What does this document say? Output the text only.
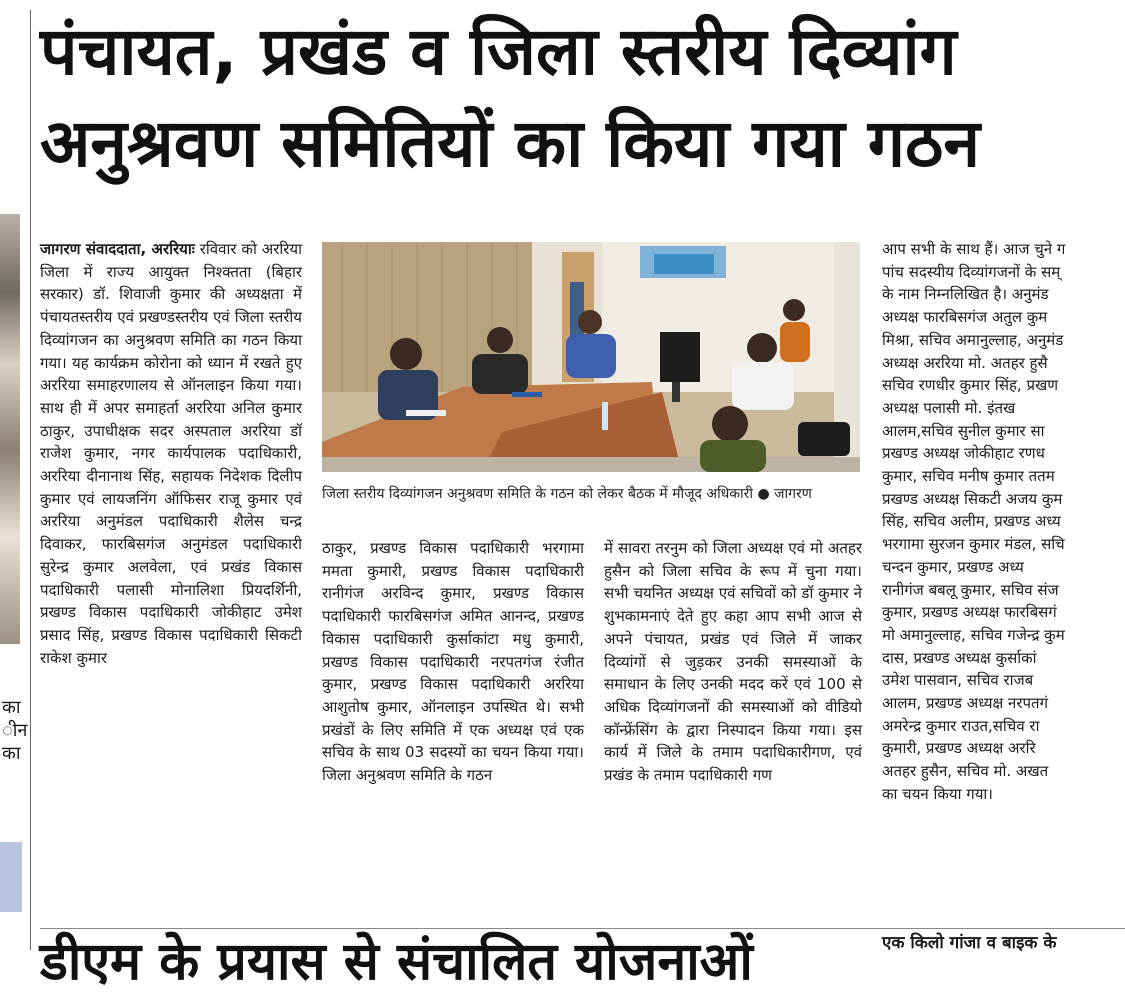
का
ीन
का
पंचायत, प्रखंड व जिला स्तरीय दिव्यांग
अनुश्रवण समितियों का किया गया गठन

जागरण संवाददाता, अररियाः रविवार को अररिया जिला में राज्य आयुक्त निश्क्तता (बिहार सरकार) डॉ. शिवाजी कुमार की अध्यक्षता में पंचायतस्तरीय एवं प्रखण्डस्तरीय एवं जिला स्तरीय दिव्यांगजन का अनुश्रवण समिति का गठन किया गया। यह कार्यक्रम कोरोना को ध्यान में रखते हुए अररिया समाहरणालय से ऑनलाइन किया गया। साथ ही में अपर समाहर्ता अररिया अनिल कुमार ठाकुर, उपाधीक्षक सदर अस्पताल अररिया डॉ राजेश कुमार, नगर कार्यपालक पदाधिकारी, अररिया दीनानाथ सिंह, सहायक निदेशक दिलीप कुमार एवं लायजनिंग ऑफिसर राजू कुमार एवं अररिया अनुमंडल पदाधिकारी शैलेस चन्द्र दिवाकर, फारबिसगंज अनुमंडल पदाधिकारी सुरेन्द्र कुमार अलवेला, एवं प्रखंड विकास पदाधिकारी पलासी मोनालिशा प्रियदर्शिनी, प्रखण्ड विकास पदाधिकारी जोकीहाट उमेश प्रसाद सिंह, प्रखण्ड विकास पदाधिकारी सिकटी राकेश कुमार

जिला स्तरीय दिव्यांगजन अनुश्रवण समिति के गठन को लेकर बैठक में मौजूद अधिकारी ● जागरण

ठाकुर, प्रखण्ड विकास पदाधिकारी भरगामा ममता कुमारी, प्रखण्ड विकास पदाधिकारी रानीगंज अरविन्द कुमार, प्रखण्ड विकास पदाधिकारी फारबिसगंज अमित आनन्द, प्रखण्ड विकास पदाधिकारी कुर्साकांटा मधु कुमारी, प्रखण्ड विकास पदाधिकारी नरपतगंज रंजीत कुमार, प्रखण्ड विकास पदाधिकारी अररिया आशुतोष कुमार, ऑनलाइन उपस्थित थे। सभी प्रखंडों के लिए समिति में एक अध्यक्ष एवं एक सचिव के साथ 03 सदस्यों का चयन किया गया। जिला अनुश्रवण समिति के गठन

में सावरा तरनुम को जिला अध्यक्ष एवं मो अतहर हुसैन को जिला सचिव के रूप में चुना गया। सभी चयनित अध्यक्ष एवं सचिवों को डॉ कुमार ने शुभकामनाएं देते हुए कहा आप सभी आज से अपने पंचायत, प्रखंड एवं जिले में जाकर दिव्यांगों से जुड़कर उनकी समस्याओं के समाधान के लिए उनकी मदद करें एवं 100 से अधिक दिव्यांगजनों की समस्याओं को वीडियो कॉन्फ्रेंसिंग के द्वारा निस्पादन किया गया। इस कार्य में जिले के तमाम पदाधिकारीगण, एवं प्रखंड के तमाम पदाधिकारी गण

आप सभी के साथ हैं। आज चुने ग
पांच सदस्यीय दिव्यांगजनों के सम्
के नाम निम्नलिखित है। अनुमंड
अध्यक्ष फारबिसगंज अतुल कुम
मिश्रा, सचिव अमानुल्लाह, अनुमंड
अध्यक्ष अररिया मो. अतहर हुसै
सचिव रणधीर कुमार सिंह, प्रखण
अध्यक्ष पलासी मो. इंतख
आलम,सचिव सुनील कुमार सा
प्रखण्ड अध्यक्ष जोकीहाट रणध
कुमार, सचिव मनीष कुमार ततम
प्रखण्ड अध्यक्ष सिकटी अजय कुम
सिंह, सचिव अलीम, प्रखण्ड अध्य
भरगामा सुरजन कुमार मंडल, सचि
चन्दन कुमार, प्रखण्ड अध्य
रानीगंज बबलू कुमार, सचिव संज
कुमार, प्रखण्ड अध्यक्ष फारबिसगं
मो अमानुल्लाह, सचिव गजेन्द्र कुम
दास, प्रखण्ड अध्यक्ष कुर्साकां
उमेश पासवान, सचिव राजब
आलम, प्रखण्ड अध्यक्ष नरपतगं
अमरेन्द्र कुमार राउत,सचिव रा
कुमारी, प्रखण्ड अध्यक्ष अररि
अतहर हुसैन, सचिव मो. अखत
का चयन किया गया।
डीएम के प्रयास से संचालित योजनाओं	एक किलो गांजा व बाइक के
